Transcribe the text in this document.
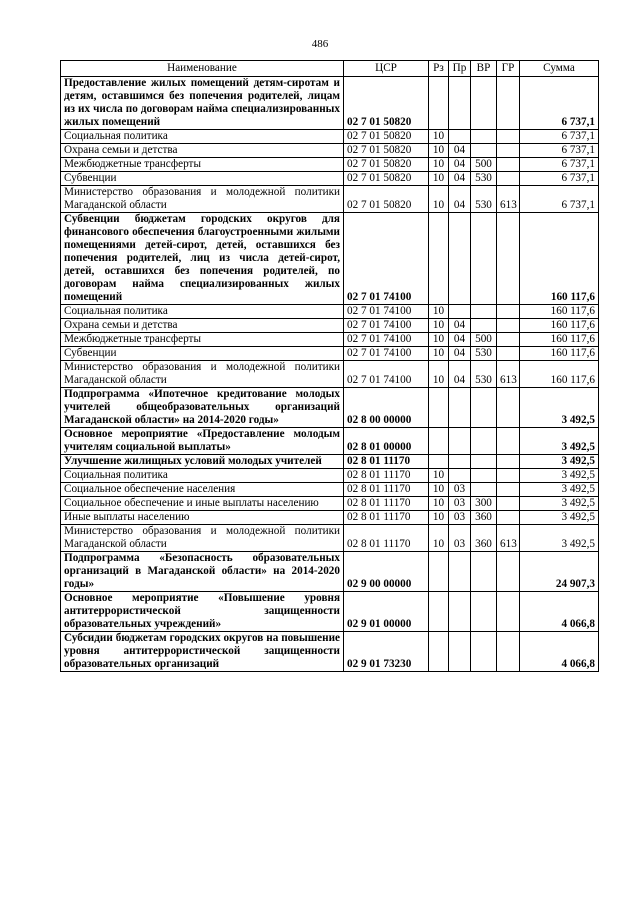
486
Наименование	ЦСР	Рз	Пр	ВР	ГР	Сумма
Предоставление жилых помещений детям-сиротам и детям, оставшимся без попечения родителей, лицам из их числа по договорам найма специализированных жилых помещений	02 7 01 50820					6 737,1
Социальная политика	02 7 01 50820	10				6 737,1
Охрана семьи и детства	02 7 01 50820	10	04			6 737,1
Межбюджетные трансферты	02 7 01 50820	10	04	500		6 737,1
Субвенции	02 7 01 50820	10	04	530		6 737,1
Министерство образования и молодежной политики Магаданской области	02 7 01 50820	10	04	530	613	6 737,1
Субвенции бюджетам городских округов для финансового обеспечения благоустроенными жилыми помещениями детей-сирот, детей, оставшихся без попечения родителей, лиц из числа детей-сирот, детей, оставшихся без попечения родителей, по договорам найма специализированных жилых помещений	02 7 01 74100					160 117,6
Социальная политика	02 7 01 74100	10				160 117,6
Охрана семьи и детства	02 7 01 74100	10	04			160 117,6
Межбюджетные трансферты	02 7 01 74100	10	04	500		160 117,6
Субвенции	02 7 01 74100	10	04	530		160 117,6
Министерство образования и молодежной политики Магаданской области	02 7 01 74100	10	04	530	613	160 117,6
Подпрограмма «Ипотечное кредитование молодых учителей общеобразовательных организаций Магаданской области» на 2014-2020 годы»	02 8 00 00000					3 492,5
Основное мероприятие «Предоставление молодым учителям социальной выплаты»	02 8 01 00000					3 492,5
Улучшение жилищных условий молодых учителей	02 8 01 11170					3 492,5
Социальная политика	02 8 01 11170	10				3 492,5
Социальное обеспечение населения	02 8 01 11170	10	03			3 492,5
Социальное обеспечение и иные выплаты населению	02 8 01 11170	10	03	300		3 492,5
Иные выплаты населению	02 8 01 11170	10	03	360		3 492,5
Министерство образования и молодежной политики Магаданской области	02 8 01 11170	10	03	360	613	3 492,5
Подпрограмма «Безопасность образовательных организаций в Магаданской области» на 2014-2020 годы»	02 9 00 00000					24 907,3
Основное мероприятие «Повышение уровня антитеррористической защищенности образовательных учреждений»	02 9 01 00000					4 066,8
Субсидии бюджетам городских округов на повышение уровня антитеррористической защищенности образовательных организаций	02 9 01 73230					4 066,8
